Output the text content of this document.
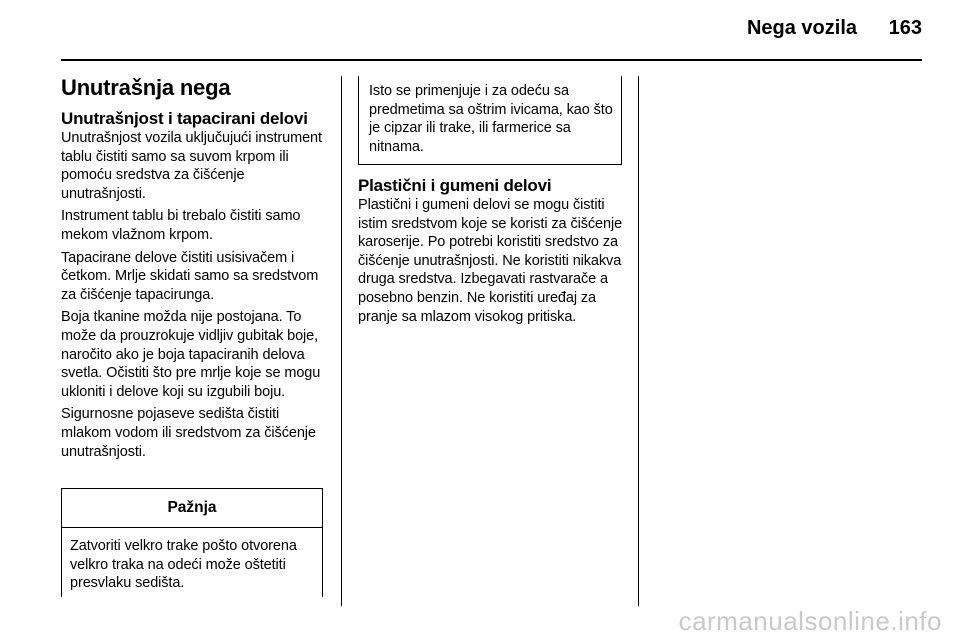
Nega vozila 163
Unutrašnja nega
Unutrašnjost i tapacirani delovi

Unutrašnjost vozila uključujući instrument tablu čistiti samo sa suvom krpom ili pomoću sredstva za čišćenje unutrašnjosti.

Instrument tablu bi trebalo čistiti samo mekom vlažnom krpom.

Tapacirane delove čistiti usisivačem i četkom. Mrlje skidati samo sa sredstvom za čišćenje tapacirunga.

Boja tkanine možda nije postojana. To može da prouzrokuje vidljiv gubitak boje, naročito ako je boja tapaciranih delova svetla. Očistiti što pre mrlje koje se mogu ukloniti i delove koji su izgubili boju.

Sigurnosne pojaseve sedišta čistiti mlakom vodom ili sredstvom za čišćenje unutrašnjosti.

Pažnja
Zatvoriti velkro trake pošto otvorena velkro traka na odeći može oštetiti presvlaku sedišta.
Isto se primenjuje i za odeću sa predmetima sa oštrim ivicama, kao što je cipzar ili trake, ili farmerice sa nitnama.
Plastični i gumeni delovi

Plastični i gumeni delovi se mogu čistiti istim sredstvom koje se koristi za čišćenje karoserije. Po potrebi koristiti sredstvo za čišćenje unutrašnjosti. Ne koristiti nikakva druga sredstva. Izbegavati rastvarače a posebno benzin. Ne koristiti uređaj za pranje sa mlazom visokog pritiska.

carmanualsonline.info
